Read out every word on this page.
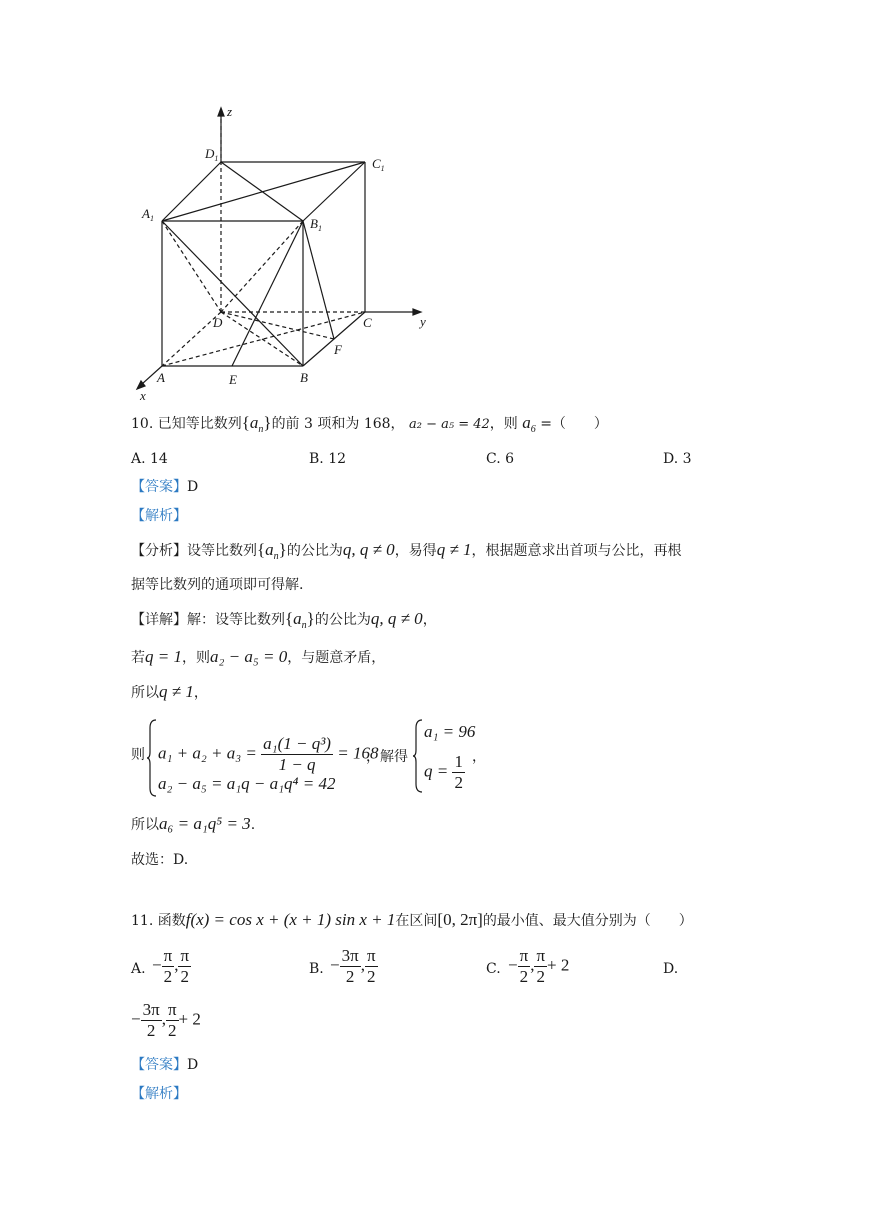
z
y
x
$D_1$	$C_1$
$A_1$	$B_1$
D	C
F
A	E	B
10. 已知等比数列$\{a_n\}$的前 3 项和为 168， a₂ − a₅ = 42，则 $a_6$ =（　　）
A. 14	B. 12	C. 6	D. 3
【答案】D
【解析】
【分析】设等比数列$\{a_n\}$的公比为q, q ≠ 0，易得q ≠ 1，根据题意求出首项与公比，再根
据等比数列的通项即可得解.
【详解】解：设等比数列$\{a_n\}$的公比为q, q ≠ 0，
若q = 1，则a₂ − a₅ = 0，与题意矛盾，
所以q ≠ 1，
则 $a_1 + a_2 + a_3 = \frac{\text{a₁(1 − q³)}}{1 - q} = 168$
a₂ − a₅ = a₁q − a₁q⁴ = 42
，解得
a₁ = 96
$q = \frac{1}{2}$ ，
所以a₆ = a₁q⁵ = 3.
故选：D.
11. 函数f(x) = cos x + (x + 1) sin x + 1在区间[0, 2π]的最小值、最大值分别为（　　）
A. − $\frac{\pi}{2}$ , $\frac{\pi}{2}$	B. − $\frac{3\pi}{2}$ , $\frac{\pi}{2}$	C. − $\frac{\pi}{2}$ , $\frac{\pi}{2} + 2$	D.
− $\frac{3\pi}{2}$ , $\frac{\pi}{2} + 2$
【答案】D
【解析】
